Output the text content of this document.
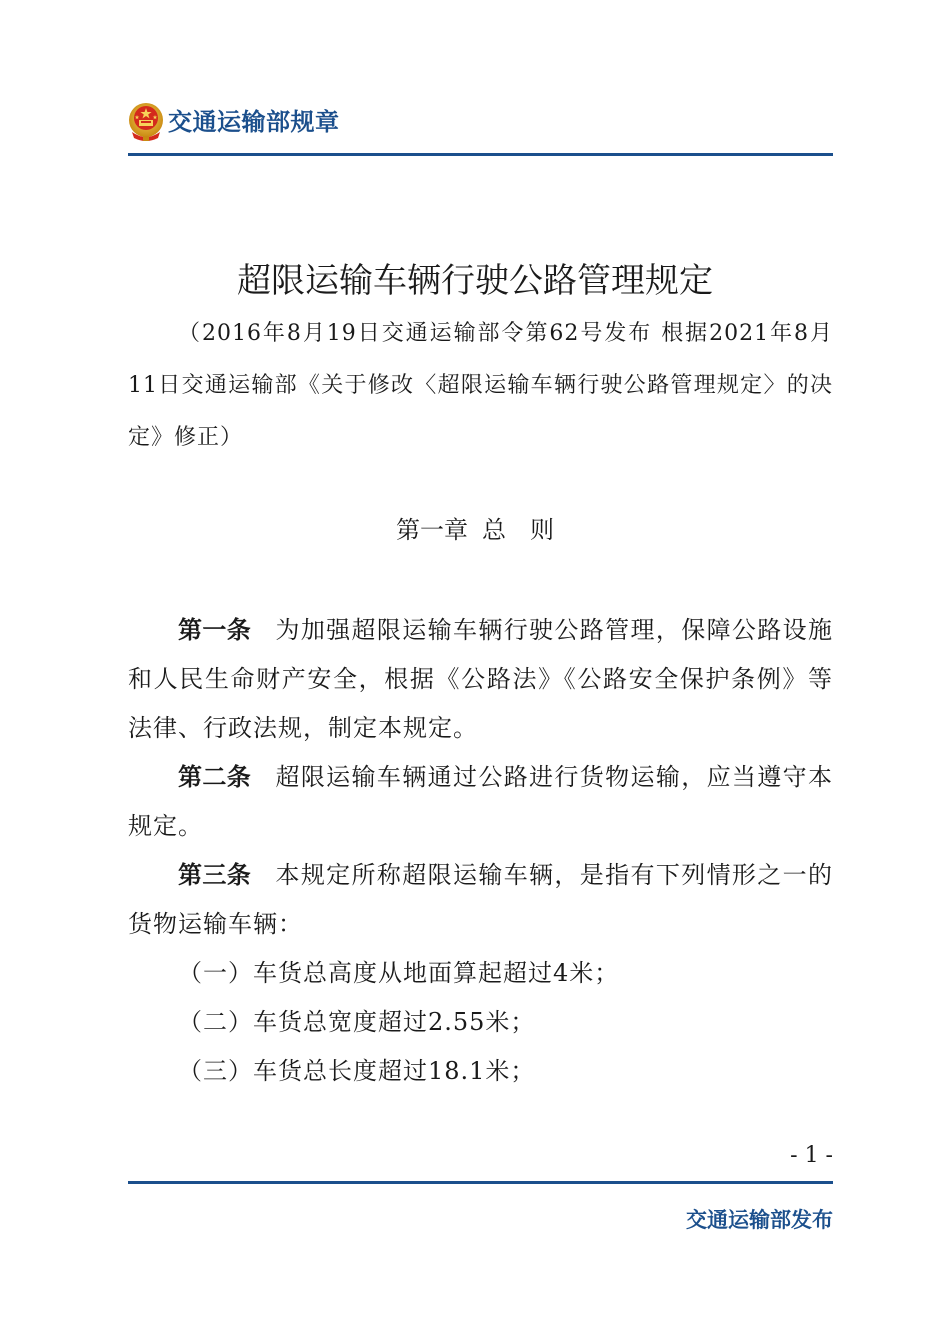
交通运输部规章
超限运输车辆行驶公路管理规定
（2016年8月19日交通运输部令第62号发布 根据2021年8月11日交通运输部《关于修改〈超限运输车辆行驶公路管理规定〉的决定》修正）
第一章 总 则

第一条 为加强超限运输车辆行驶公路管理，保障公路设施和人民生命财产安全，根据《公路法》《公路安全保护条例》等法律、行政法规，制定本规定。

第二条 超限运输车辆通过公路进行货物运输，应当遵守本规定。

第三条 本规定所称超限运输车辆，是指有下列情形之一的货物运输车辆：

（一）车货总高度从地面算起超过4米；

（二）车货总宽度超过2.55米；

（三）车货总长度超过18.1米；

- 1 -
交通运输部发布
